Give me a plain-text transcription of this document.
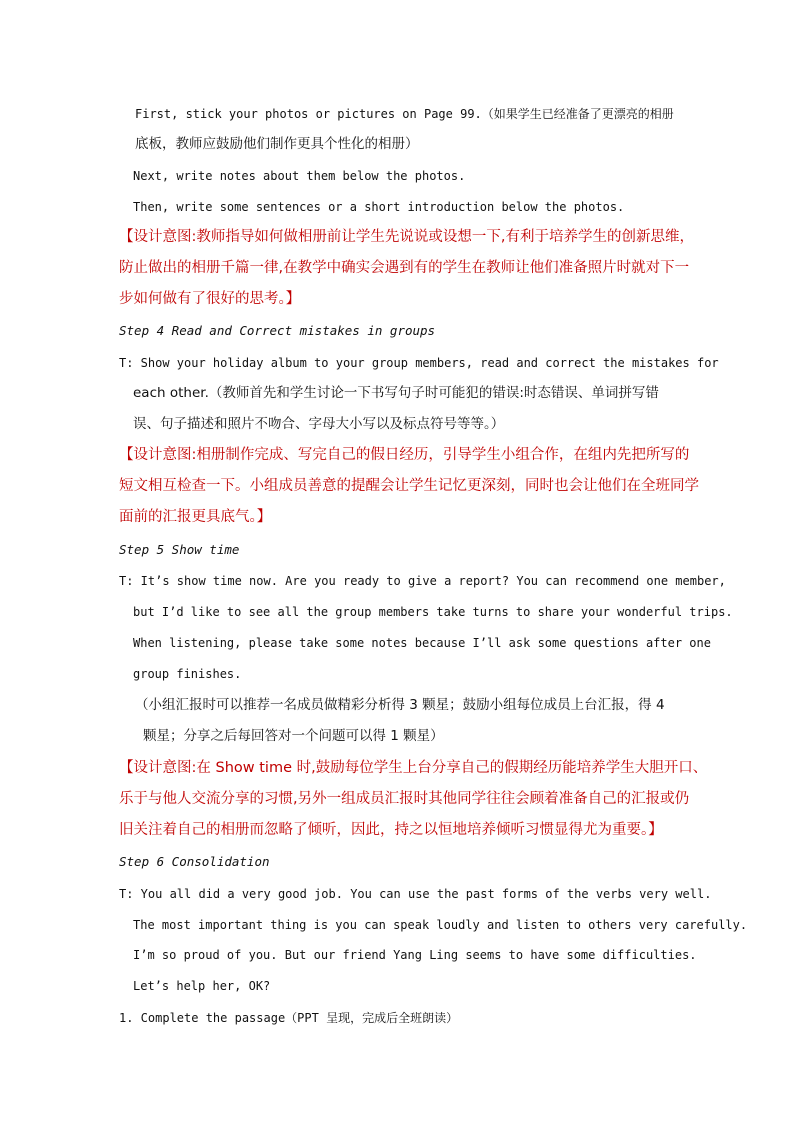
First, stick your photos or pictures on Page 99.（如果学生已经准备了更漂亮的相册
底板，教师应鼓励他们制作更具个性化的相册）
Next, write notes about them below the photos.
Then, write some sentences or a short introduction below the photos.
【设计意图:教师指导如何做相册前让学生先说说或设想一下,有利于培养学生的创新思维，
防止做出的相册千篇一律,在教学中确实会遇到有的学生在教师让他们准备照片时就对下一
步如何做有了很好的思考。】
Step 4 Read and Correct mistakes in groups
T: Show your holiday album to your group members, read and correct the mistakes for
each other.（教师首先和学生讨论一下书写句子时可能犯的错误:时态错误、单词拼写错
误、句子描述和照片不吻合、字母大小写以及标点符号等等。）
【设计意图:相册制作完成、写完自己的假日经历，引导学生小组合作，在组内先把所写的
短文相互检查一下。小组成员善意的提醒会让学生记忆更深刻，同时也会让他们在全班同学
面前的汇报更具底气。】
Step 5 Show time
T: It’s show time now. Are you ready to give a report? You can recommend one member,
but I’d like to see all the group members take turns to share your wonderful trips.
When listening, please take some notes because I’ll ask some questions after one
group finishes.
（小组汇报时可以推荐一名成员做精彩分析得 3 颗星；鼓励小组每位成员上台汇报，得 4
颗星；分享之后每回答对一个问题可以得 1 颗星）
【设计意图:在 Show time 时,鼓励每位学生上台分享自己的假期经历能培养学生大胆开口、
乐于与他人交流分享的习惯,另外一组成员汇报时其他同学往往会顾着准备自己的汇报或仍
旧关注着自己的相册而忽略了倾听，因此，持之以恒地培养倾听习惯显得尤为重要。】
Step 6 Consolidation
T: You all did a very good job. You can use the past forms of the verbs very well.
The most important thing is you can speak loudly and listen to others very carefully.
I’m so proud of you. But our friend Yang Ling seems to have some difficulties.
Let’s help her, OK?
1. Complete the passage（PPT 呈现，完成后全班朗读）
